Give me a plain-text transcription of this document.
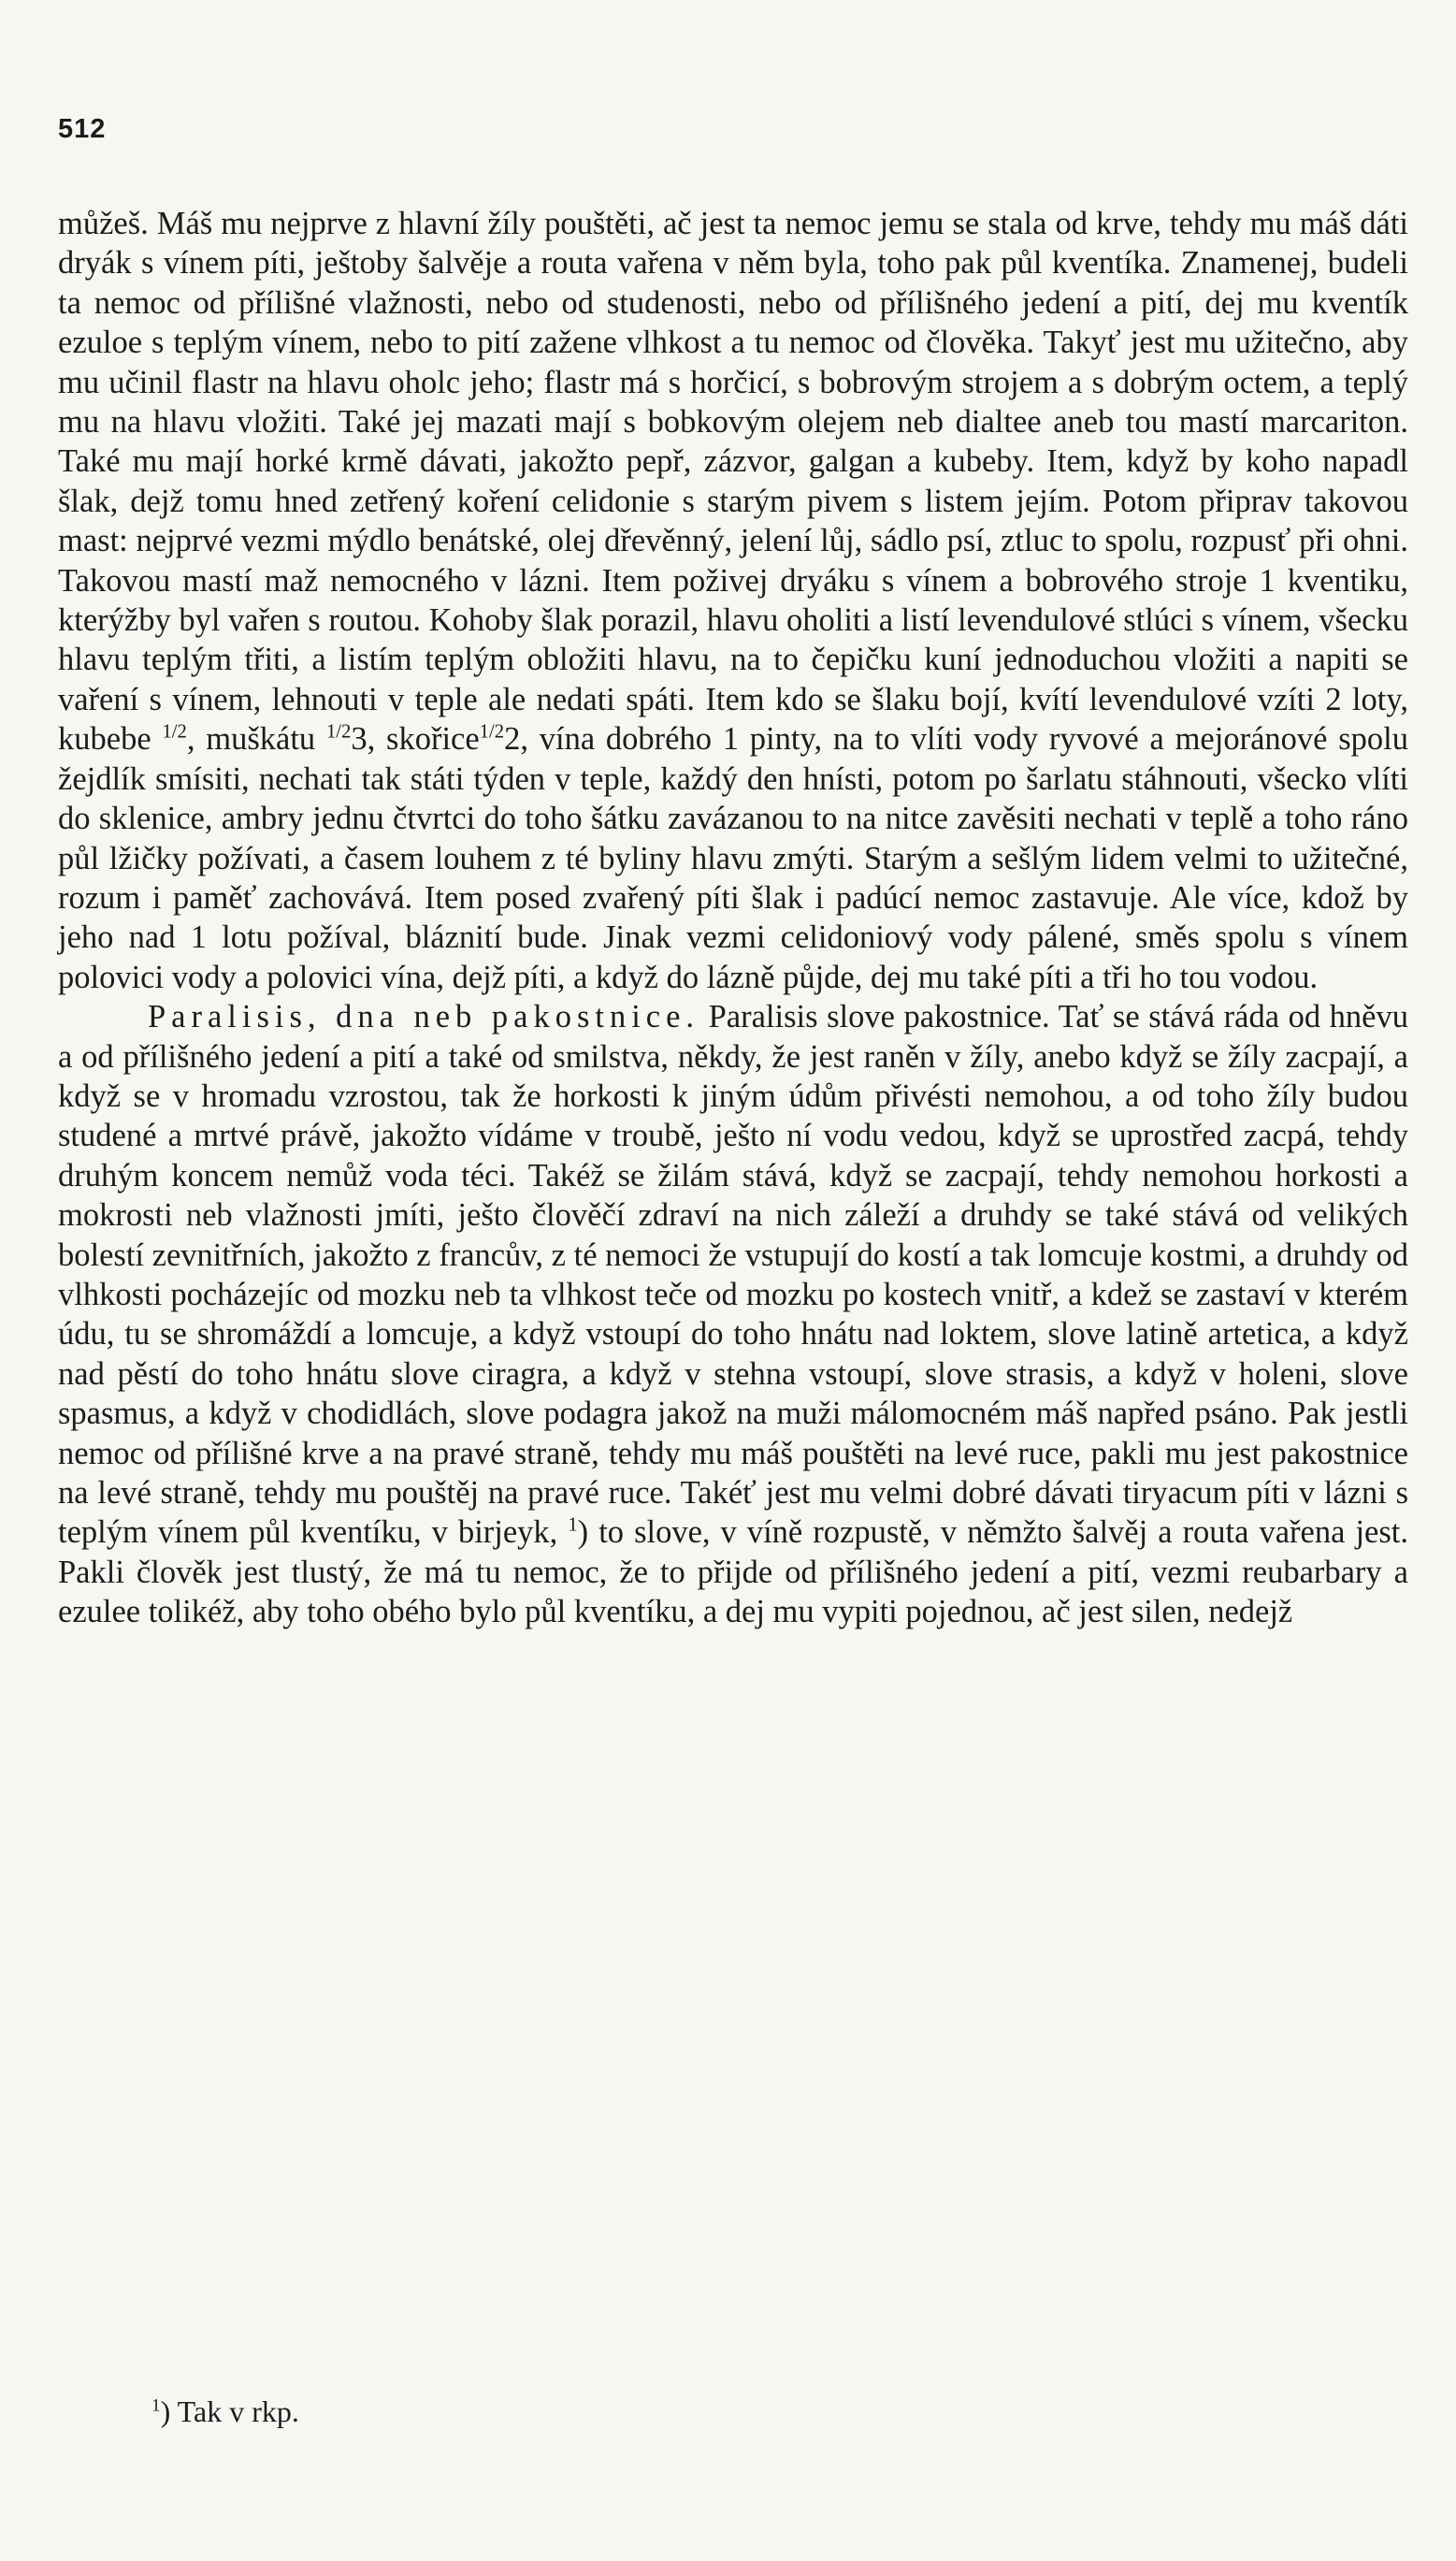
512

můžeš. Máš mu nejprve z hlavní žíly pouštěti, ač jest ta nemoc jemu se stala od krve, tehdy mu máš dáti dryák s vínem píti, ještoby šalvěje a routa vařena v něm byla, toho pak půl kventíka. Znamenej, budeli ta nemoc od přílišné vlažnosti, nebo od studenosti, nebo od přílišného jedení a pití, dej mu kventík ezuloe s teplým vínem, nebo to pití zažene vlhkost a tu nemoc od člověka. Takyť jest mu užitečno, aby mu učinil flastr na hlavu oholc jeho; flastr má s horčicí, s bobrovým strojem a s dobrým octem, a teplý mu na hlavu vložiti. Také jej mazati mají s bobkovým olejem neb dialtee aneb tou mastí marcariton. Také mu mají horké krmě dávati, jakožto pepř, zázvor, galgan a kubeby. Item, když by koho napadl šlak, dejž tomu hned zetřený koření celidonie s starým pivem s listem jejím. Potom připrav takovou mast: nejprvé vezmi mýdlo benátské, olej dřevěnný, jelení lůj, sádlo psí, ztluc to spolu, rozpusť při ohni. Takovou mastí maž nemocného v lázni. Item poživej dryáku s vínem a bobrového stroje 1 kventiku, kterýžby byl vařen s routou. Kohoby šlak porazil, hlavu oholiti a listí levendulové stlúci s vínem, všecku hlavu teplým třiti, a listím teplým obložiti hlavu, na to čepičku kuní jednoduchou vložiti a napiti se vaření s vínem, lehnouti v teple ale nedati spáti. Item kdo se šlaku bojí, kvítí levendulové vzíti 2 loty, kubebe $^{1/2}$, muškátu $^{1/2}$3, skořice$^{1/2}$2, vína dobrého 1 pinty, na to vlíti vody ryvové a mejoránové spolu žejdlík smísiti, nechati tak státi týden v teple, každý den hnísti, potom po šarlatu stáhnouti, všecko vlíti do sklenice, ambry jednu čtvrtci do toho šátku zavázanou to na nitce zavěsiti nechati v teplě a toho ráno půl lžičky požívati, a časem louhem z té byliny hlavu zmýti. Starým a sešlým lidem velmi to užitečné, rozum i paměť zachovává. Item posed zvařený píti šlak i padúcí nemoc zastavuje. Ale více, kdož by jeho nad 1 lotu požíval, bláznití bude. Jinak vezmi celidoniový vody pálené, směs spolu s vínem polovici vody a polovici vína, dejž píti, a když do lázně půjde, dej mu také píti a tři ho tou vodou.

Paralisis, dna neb pakostnice. Paralisis slove pakostnice. Tať se stává ráda od hněvu a od přílišného jedení a pití a také od smilstva, někdy, že jest raněn v žíly, anebo když se žíly zacpají, a když se v hromadu vzrostou, tak že horkosti k jiným údům přivésti nemohou, a od toho žíly budou studené a mrtvé právě, jakožto vídáme v troubě, ješto ní vodu vedou, když se uprostřed zacpá, tehdy druhým koncem nemůž voda téci. Takéž se žilám stává, když se zacpají, tehdy nemohou horkosti a mokrosti neb vlažnosti jmíti, ješto člověčí zdraví na nich záleží a druhdy se také stává od velikých bolestí zevnitřních, jakožto z francův, z té nemoci že vstupují do kostí a tak lomcuje kostmi, a druhdy od vlhkosti pocházejíc od mozku neb ta vlhkost teče od mozku po kostech vnitř, a kdež se zastaví v kterém údu, tu se shromáždí a lomcuje, a když vstoupí do toho hnátu nad loktem, slove latině artetica, a když nad pěstí do toho hnátu slove ciragra, a když v stehna vstoupí, slove strasis, a když v holeni, slove spasmus, a když v chodidlách, slove podagra jakož na muži málomocném máš napřed psáno. Pak jestli nemoc od přílišné krve a na pravé straně, tehdy mu máš pouštěti na levé ruce, pakli mu jest pakostnice na levé straně, tehdy mu pouštěj na pravé ruce. Takéť jest mu velmi dobré dávati tiryacum píti v lázni s teplým vínem půl kventíku, v birjeyk, $^1$) to slove, v víně rozpustě, v němžto šalvěj a routa vařena jest. Pakli člověk jest tlustý, že má tu nemoc, že to přijde od přílišného jedení a pití, vezmi reubarbary a ezulee tolikéž, aby toho obého bylo půl kventíku, a dej mu vypiti pojednou, ač jest silen, nedejž

$^1$) Tak v rkp.
